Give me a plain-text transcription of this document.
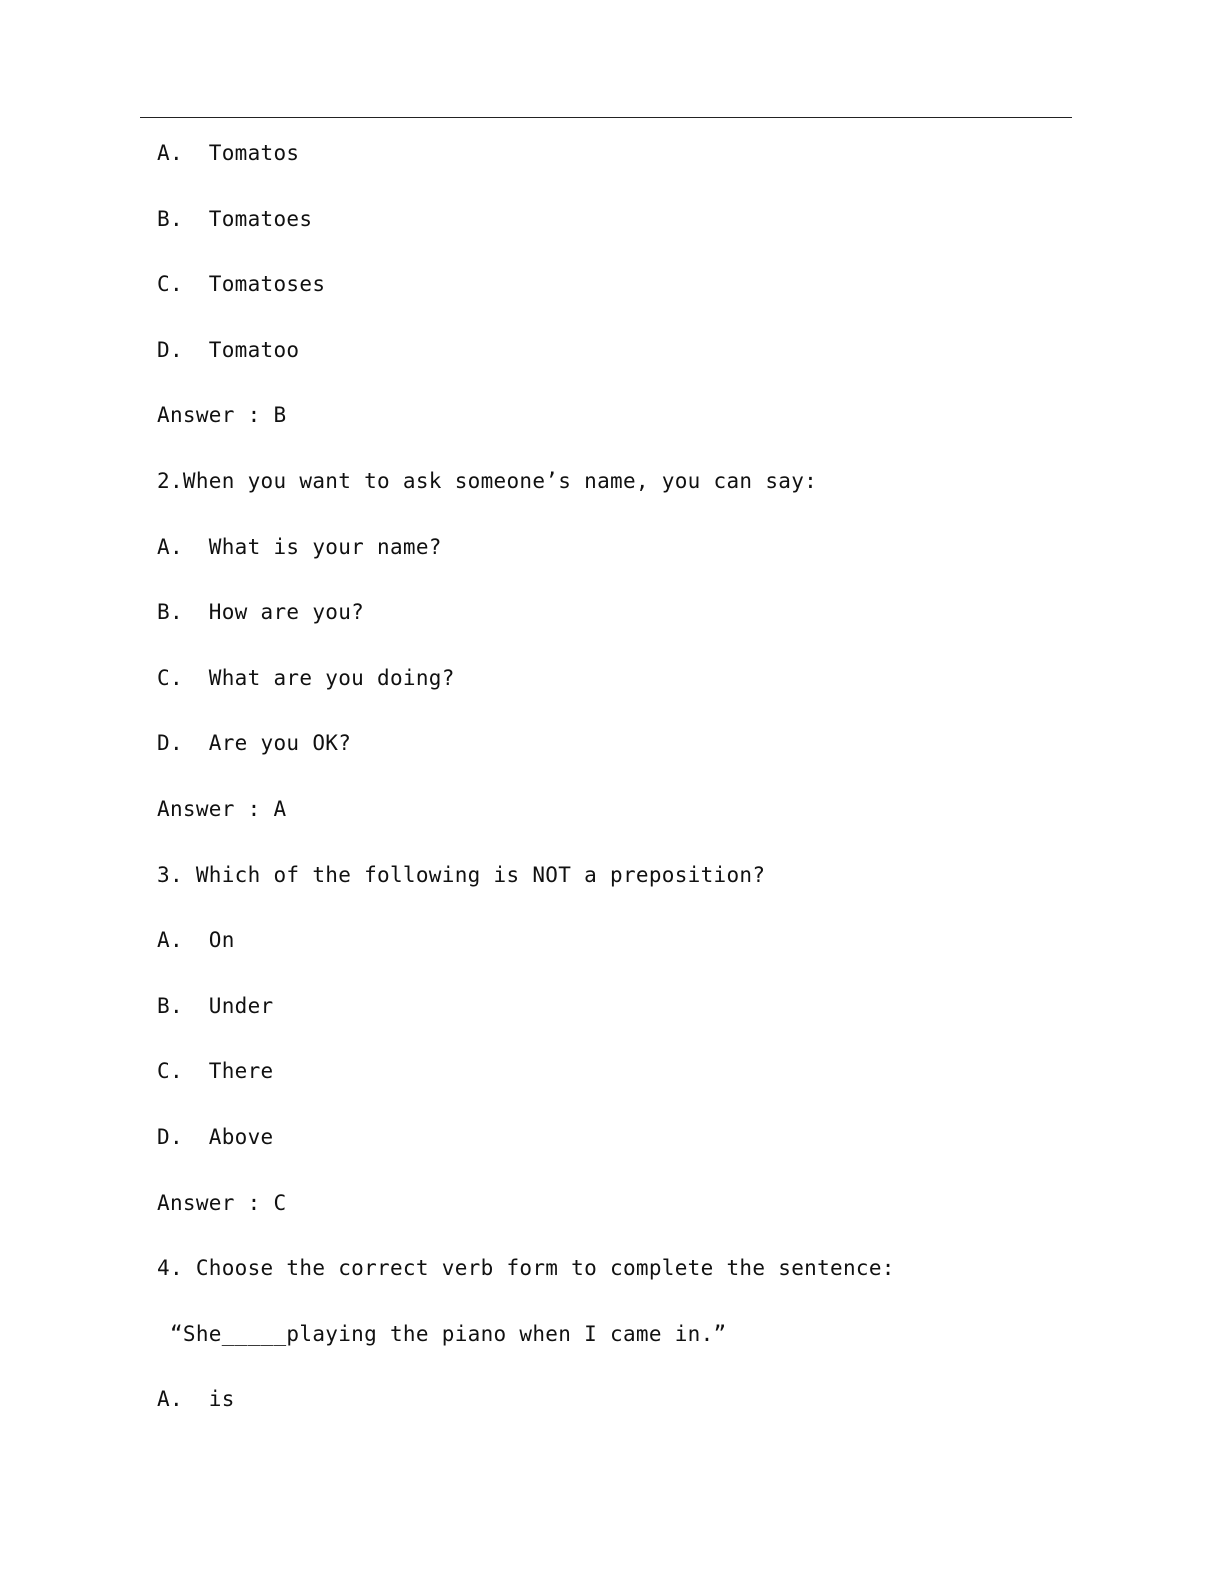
A.  Tomatos
B.  Tomatoes
C.  Tomatoses
D.  Tomatoo
Answer : B
2.When you want to ask someone’s name, you can say:
A.  What is your name?
B.  How are you?
C.  What are you doing?
D.  Are you OK?
Answer : A
3. Which of the following is NOT a preposition?
A.  On
B.  Under
C.  There
D.  Above
Answer : C
4. Choose the correct verb form to complete the sentence:
“She_____playing the piano when I came in.”
A.  is
